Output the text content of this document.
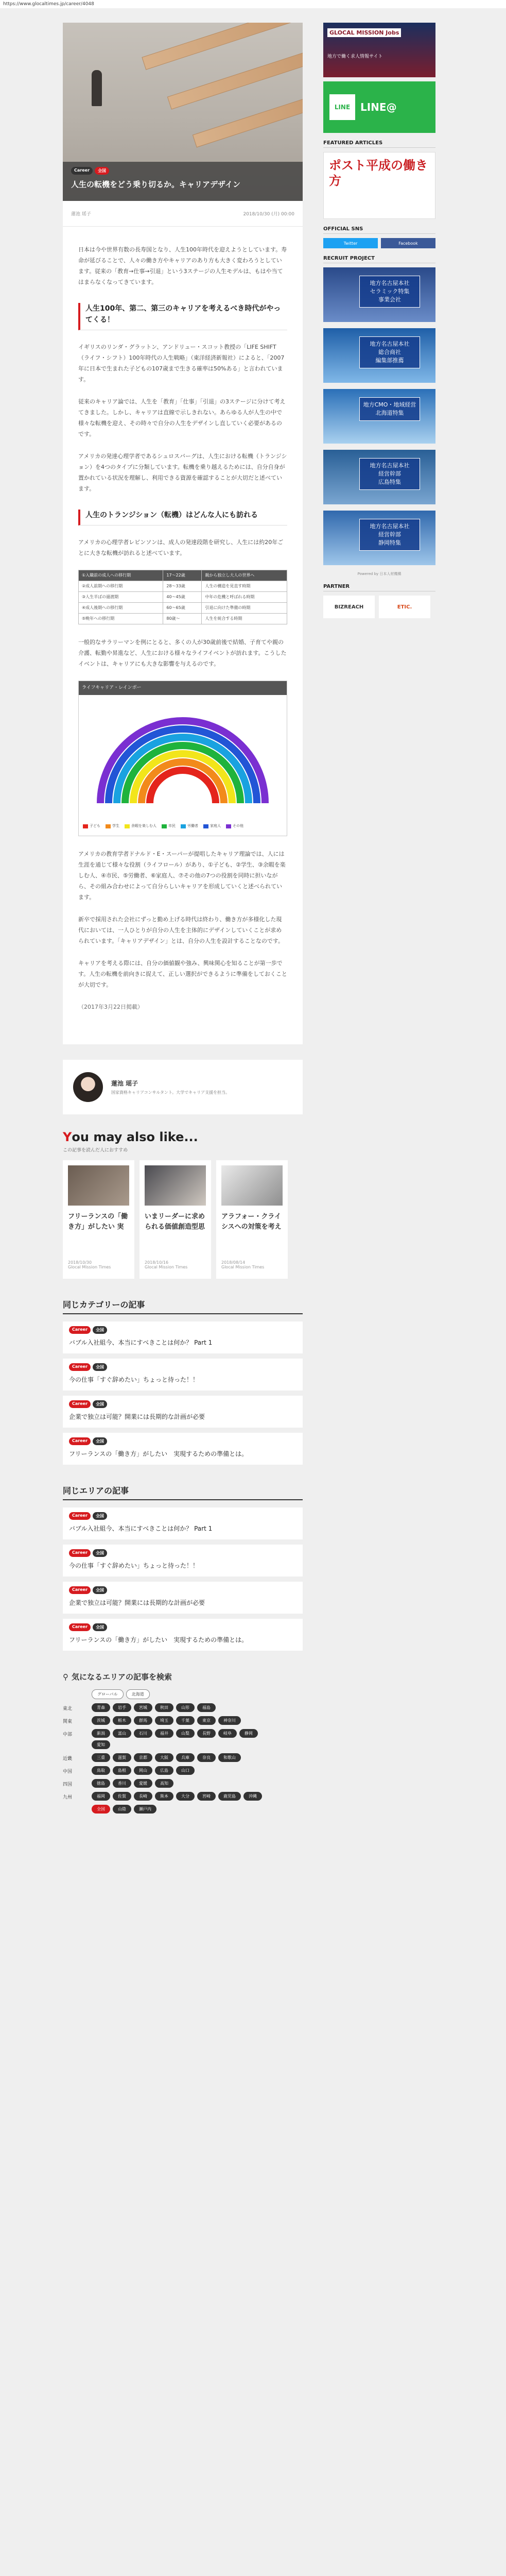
https://www.glocaltimes.jp/career/4048
Career	全国
人生の転機をどう乗り切るか。キャリアデザイン
蓮池 瑶子	2018/10/30 (月) 00:00

日本は今や世界有数の長寿国となり、人生100年時代を迎えようとしています。寿命が延びることで、人々の働き方やキャリアのあり方も大きく変わろうとしています。従来の「教育→仕事→引退」という3ステージの人生モデルは、もはや当てはまらなくなってきています。

人生100年、第二、第三のキャリアを考えるべき時代がやってくる！

イギリスのリンダ・グラットン、アンドリュー・スコット教授の「LIFE SHIFT（ライフ・シフト）100年時代の人生戦略」（東洋経済新報社）によると、「2007年に日本で生まれた子どもの107歳まで生きる確率は50%ある」と言われています。

従来のキャリア論では、人生を「教育」「仕事」「引退」の3ステージに分けて考えてきました。しかし、キャリアは直線で示しきれない。あらゆる人が人生の中で様々な転機を迎え、その時々で自分の人生をデザインし直していく必要があるのです。

アメリカの発達心理学者であるシュロスバーグは、人生における転機（トランジション）を4つのタイプに分類しています。転機を乗り越えるためには、自分自身が置かれている状況を理解し、利用できる資源を確認することが大切だと述べています。

人生のトランジション（転機）はどんな人にも訪れる

アメリカの心理学者レビンソンは、成人の発達段階を研究し、人生には約20年ごとに大きな転機が訪れると述べています。

①入職前の成人への移行期	17〜22歳	親から独立し大人の世界へ
②成人前期への移行期	28〜33歳	人生の構造を見直す時期
③人生半ばの過渡期	40〜45歳	中年の危機と呼ばれる時期
④成人後期への移行期	60〜65歳	引退に向けた準備の時期
⑤晩年への移行期	80歳〜	人生を統合する時期

一般的なサラリーマンを例にとると、多くの人が30歳前後で結婚、子育てや親の介護、転勤や昇進など、人生における様々なライフイベントが訪れます。こうしたイベントは、キャリアにも大きな影響を与えるのです。

ライフキャリア・レインボー
子ども	学生	余暇を楽しむ人	市民	労働者	家庭人	その他

アメリカの教育学者ドナルド・E・スーパーが提唱したキャリア理論では、人には生涯を通じて様々な役割（ライフロール）があり、①子ども、②学生、③余暇を楽しむ人、④市民、⑤労働者、⑥家庭人、⑦その他の7つの役割を同時に担いながら、その組み合わせによって自分らしいキャリアを形成していくと述べられています。

新卒で採用された会社にずっと勤め上げる時代は終わり、働き方が多様化した現代においては、一人ひとりが自分の人生を主体的にデザインしていくことが求められています。「キャリアデザイン」とは、自分の人生を設計することなのです。

キャリアを考える際には、自分の価値観や強み、興味関心を知ることが第一歩です。人生の転機を前向きに捉えて、正しい選択ができるように準備をしておくことが大切です。

（2017年3月22日掲載）

蓮池 瑶子
国家資格キャリアコンサルタント。大学でキャリア支援を担当。
You may also like...
この記事を読んだ人におすすめ
フリーランスの「働き方」がしたい 実
2018/10/30
Glocal Mission Times
いまリーダーに求められる価値創造型思
2018/10/16
Glocal Mission Times
アラフォー・クライシスへの対策を考え
2018/08/14
Glocal Mission Times
同じカテゴリーの記事
Career	全国
バブル入社組今、本当にすべきことは何か？ Part 1
Career	全国
今の仕事「すぐ辞めたい」ちょっと待った！！
Career	全国
企業で独立は可能？開業には長期的な計画が必要
Career	全国
フリーランスの「働き方」がしたい　実現するための準備とは。
同じエリアの記事
Career	全国
バブル入社組今、本当にすべきことは何か？ Part 1
Career	全国
今の仕事「すぐ辞めたい」ちょっと待った！！
Career	全国
企業で独立は可能？開業には長期的な計画が必要
Career	全国
フリーランスの「働き方」がしたい　実現するための準備とは。
⚲ 気になるエリアの記事を検索
グローバル	北海道
東北	青森	岩手	宮城	秋田	山形	福島
関東	茨城	栃木	群馬	埼玉	千葉	東京	神奈川
中部	新潟	富山	石川	福井	山梨	長野	岐阜	静岡
愛知
近畿	三重	滋賀	京都	大阪	兵庫	奈良	和歌山
中国	鳥取	島根	岡山	広島	山口
四国	徳島	香川	愛媛	高知
九州	福岡	佐賀	長崎	熊本	大分	宮崎	鹿児島	沖縄
全国	山陰	瀬戸内
GLOCAL MISSION Jobs
地方で働く求人情報サイト
LINE LINE@
FEATURED ARTICLES
ポスト平成の働き方
OFFICIAL SNS
Twitter	Facebook
RECRUIT PROJECT
地方名古屋本社
セラミック特集
事業会社
地方名古屋本社
総合商社
編集部推薦
地方CMO・地域経営
北海道特集
地方名古屋本社
経営幹部
広島特集
地方名古屋本社
経営幹部
静岡特集
Powered by 日本人材機構
PARTNER
BIZREACH	ETIC.
